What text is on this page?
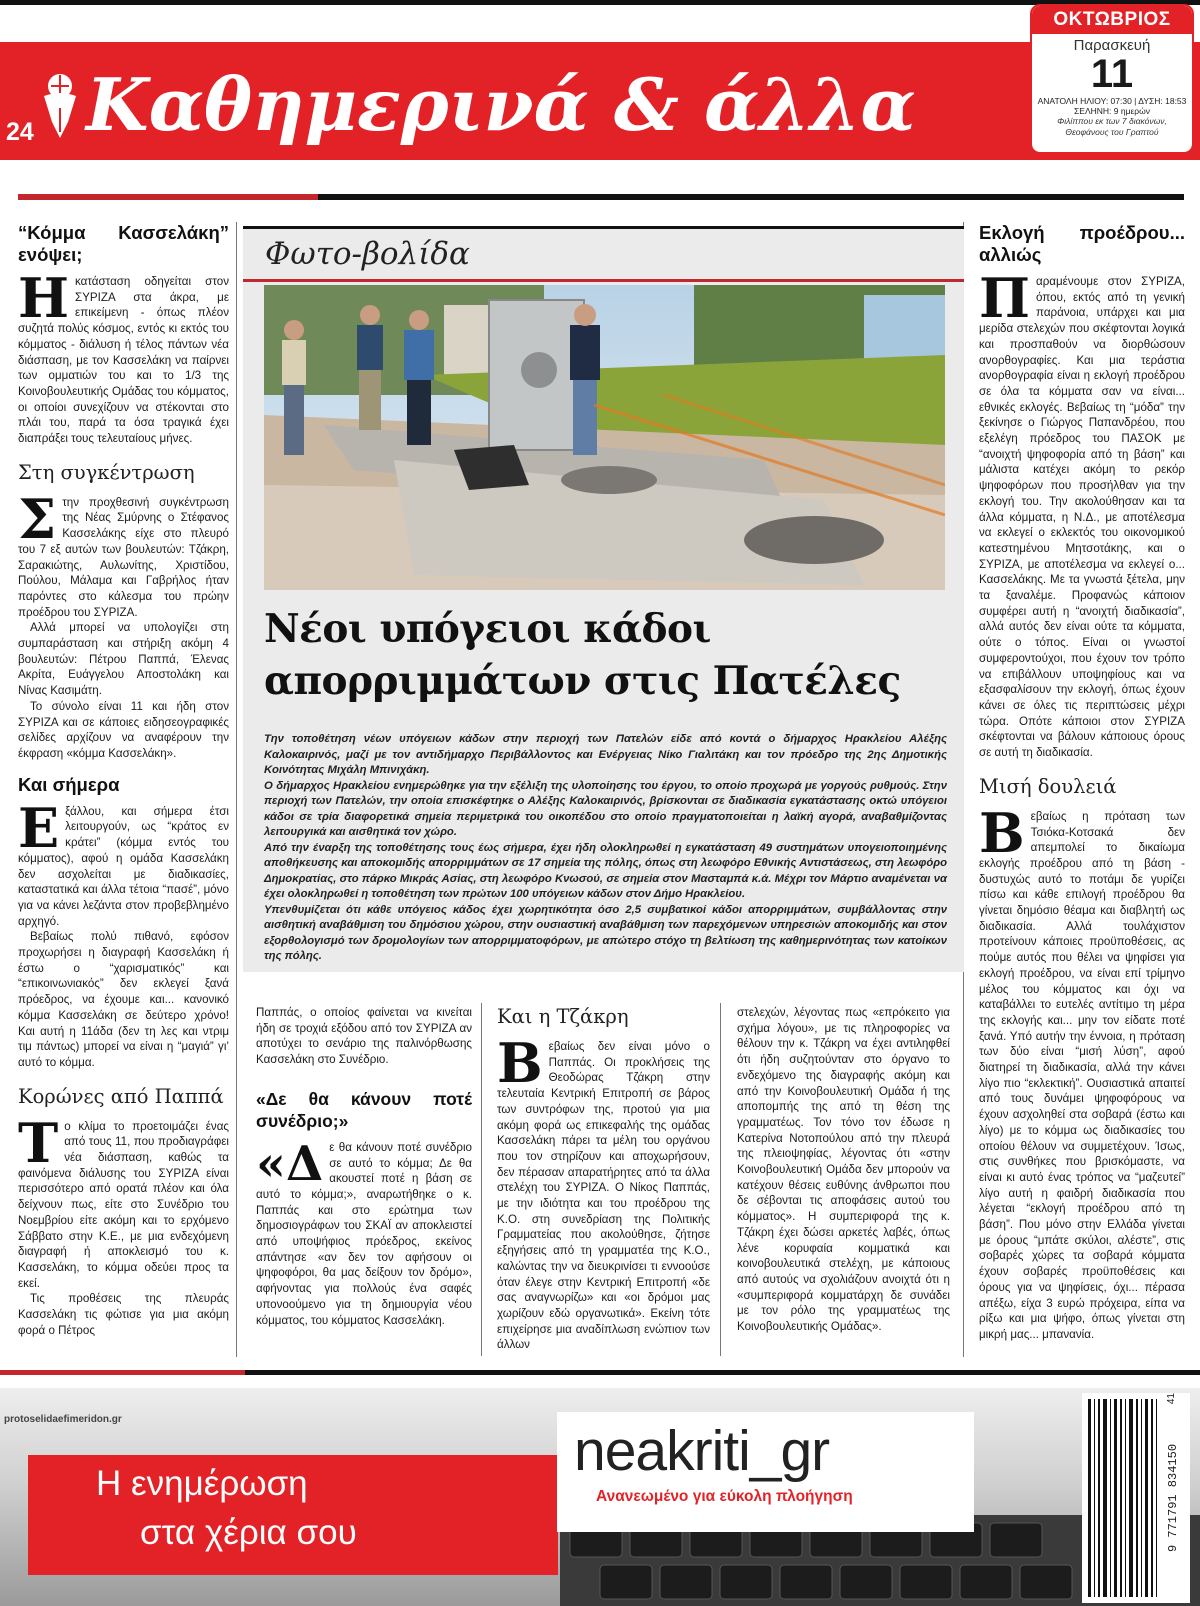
24 Καθημερινά & άλλα
ΟΚΤΩΒΡΙΟΣ
Παρασκευή
11
ΑΝΑΤΟΛΗ ΗΛΙΟΥ: 07:30 | ΔΥΣΗ: 18:53
ΣΕΛΗΝΗ: 9 ημερών
Φιλίππου εκ των 7 διακόνων, Θεοφάνους του Γραπτού
“Κόμμα Κασσελάκη” ενόψει;

Ηκατάσταση οδηγείται στον ΣΥΡΙΖΑ στα άκρα, με επικείμενη - όπως πλέον συζητά πολύς κόσμος, εντός κι εκτός του κόμματος - διάλυση ή τέλος πάντων νέα διάσπαση, με τον Κασσελάκη να παίρνει των ομματιών του και το 1/3 της Κοινοβουλευτικής Ομάδας του κόμματος, οι οποίοι συνεχίζουν να στέκονται στο πλάι του, παρά τα όσα τραγικά έχει διαπράξει τους τελευταίους μήνες.

Στη συγκέντρωση

Στην προχθεσινή συγκέντρωση της Νέας Σμύρνης ο Στέφανος Κασσελάκης είχε στο πλευρό του 7 εξ αυτών των βουλευτών: Τζάκρη, Σαρακιώτης, Αυλωνίτης, Χριστίδου, Πούλου, Μάλαμα και Γαβρήλος ήταν παρόντες στο κάλεσμα του πρώην προέδρου του ΣΥΡΙΖΑ.

Αλλά μπορεί να υπολογίζει στη συμπαράσταση και στήριξη ακόμη 4 βουλευτών: Πέτρου Παππά, Έλενας Ακρίτα, Ευάγγελου Αποστολάκη και Νίνας Κασιμάτη.

Το σύνολο είναι 11 και ήδη στον ΣΥΡΙΖΑ και σε κάποιες ειδησεογραφικές σελίδες αρχίζουν να αναφέρουν την έκφραση «κόμμα Κασσελάκη».

Και σήμερα

Εξάλλου, και σήμερα έτσι λειτουργούν, ως “κράτος εν κράτει” (κόμμα εντός του κόμματος), αφού η ομάδα Κασσελάκη δεν ασχολείται με διαδικασίες, καταστατικά και άλλα τέτοια “πασέ”, μόνο για να κάνει λεζάντα στον προβεβλημένο αρχηγό.

Βεβαίως πολύ πιθανό, εφόσον προχωρήσει η διαγραφή Κασσελάκη ή έστω ο “χαρισματικός” και “επικοινωνιακός” δεν εκλεγεί ξανά πρόεδρος, να έχουμε και... κανονικό κόμμα Κασσελάκη σε δεύτερο χρόνο! Και αυτή η 11άδα (δεν τη λες και ντριμ τιμ πάντως) μπορεί να είναι η “μαγιά” γι’ αυτό το κόμμα.

Κορώνες από Παππά

Το κλίμα το προετοιμάζει ένας από τους 11, που προδιαγράφει νέα διάσπαση, καθώς τα φαινόμενα διάλυσης του ΣΥΡΙΖΑ είναι περισσότερο από ορατά πλέον και όλα δείχνουν πως, είτε στο Συνέδριο του Νοεμβρίου είτε ακόμη και το ερχόμενο Σάββατο στην Κ.Ε., με μια ενδεχόμενη διαγραφή ή αποκλεισμό του κ. Κασσελάκη, το κόμμα οδεύει προς τα εκεί.

Τις προθέσεις της πλευράς Κασσελάκη τις φώτισε για μια ακόμη φορά ο Πέτρος

Φωτο-βολίδα
Νέοι υπόγειοι κάδοι απορριμμάτων στις Πατέλες

Την τοποθέτηση νέων υπόγειων κάδων στην περιοχή των Πατελών είδε από κοντά ο δήμαρχος Ηρακλείου Αλέξης Καλοκαιρινός, μαζί με τον αντιδήμαρχο Περιβάλλοντος και Ενέργειας Νίκο Γιαλιτάκη και τον πρόεδρο της 2ης Δημοτικής Κοινότητας Μιχάλη Μπινιχάκη.

Ο δήμαρχος Ηρακλείου ενημερώθηκε για την εξέλιξη της υλοποίησης του έργου, το οποίο προχωρά με γοργούς ρυθμούς. Στην περιοχή των Πατελών, την οποία επισκέφτηκε ο Αλέξης Καλοκαιρινός, βρίσκονται σε διαδικασία εγκατάστασης οκτώ υπόγειοι κάδοι σε τρία διαφορετικά σημεία περιμετρικά του οικοπέδου στο οποίο πραγματοποιείται η λαϊκή αγορά, αναβαθμίζοντας λειτουργικά και αισθητικά τον χώρο.

Από την έναρξη της τοποθέτησης τους έως σήμερα, έχει ήδη ολοκληρωθεί η εγκατάσταση 49 συστημάτων υπογειοποιημένης αποθήκευσης και αποκομιδής απορριμμάτων σε 17 σημεία της πόλης, όπως στη λεωφόρο Εθνικής Αντιστάσεως, στη λεωφόρο Δημοκρατίας, στο πάρκο Μικράς Ασίας, στη λεωφόρο Κνωσού, σε σημεία στον Μασταμπά κ.ά. Μέχρι τον Μάρτιο αναμένεται να έχει ολοκληρωθεί η τοποθέτηση των πρώτων 100 υπόγειων κάδων στον Δήμο Ηρακλείου.

Υπενθυμίζεται ότι κάθε υπόγειος κάδος έχει χωρητικότητα όσο 2,5 συμβατικοί κάδοι απορριμμάτων, συμβάλλοντας στην αισθητική αναβάθμιση του δημόσιου χώρου, στην ουσιαστική αναβάθμιση των παρεχόμενων υπηρεσιών αποκομιδής και στον εξορθολογισμό των δρομολογίων των απορριμματοφόρων, με απώτερο στόχο τη βελτίωση της καθημερινότητας των κατοίκων της πόλης.

Παππάς, ο οποίος φαίνεται να κινείται ήδη σε τροχιά εξόδου από τον ΣΥΡΙΖΑ αν αποτύχει το σενάριο της παλινόρθωσης Κασσελάκη στο Συνέδριο.

«Δε θα κάνουν ποτέ συνέδριο;»

«Δε θα κάνουν ποτέ συνέδριο σε αυτό το κόμμα; Δε θα ακουστεί ποτέ η βάση σε αυτό το κόμμα;», αναρωτήθηκε ο κ. Παππάς και στο ερώτημα των δημοσιογράφων του ΣΚΑΪ αν αποκλειστεί από υποψήφιος πρόεδρος, εκείνος απάντησε «αν δεν τον αφήσουν οι ψηφοφόροι, θα μας δείξουν τον δρόμο», αφήνοντας για πολλούς ένα σαφές υπονοούμενο για τη δημιουργία νέου κόμματος, του κόμματος Κασσελάκη.

Και η Τζάκρη

Βεβαίως δεν είναι μόνο ο Παππάς. Οι προκλήσεις της Θεοδώρας Τζάκρη στην τελευταία Κεντρική Επιτροπή σε βάρος των συντρόφων της, προτού για μια ακόμη φορά ως επικεφαλής της ομάδας Κασσελάκη πάρει τα μέλη του οργάνου που τον στηρίζουν και αποχωρήσουν, δεν πέρασαν απαρατήρητες από τα άλλα στελέχη του ΣΥΡΙΖΑ. Ο Νίκος Παππάς, με την ιδιότητα και του προέδρου της Κ.Ο. στη συνεδρίαση της Πολιτικής Γραμματείας που ακολούθησε, ζήτησε εξηγήσεις από τη γραμματέα της Κ.Ο., καλώντας την να διευκρινίσει τι εννοούσε όταν έλεγε στην Κεντρική Επιτροπή «δε σας αναγνωρίζω» και «οι δρόμοι μας χωρίζουν εδώ οργανωτικά». Εκείνη τότε επιχείρησε μια αναδίπλωση ενώπιον των άλλων

στελεχών, λέγοντας πως «επρόκειτο για σχήμα λόγου», με τις πληροφορίες να θέλουν την κ. Τζάκρη να έχει αντιληφθεί ότι ήδη συζητούνταν στο όργανο το ενδεχόμενο της διαγραφής ακόμη και από την Κοινοβουλευτική Ομάδα ή της αποπομπής της από τη θέση της γραμματέως. Τον τόνο τον έδωσε η Κατερίνα Νοτοπούλου από την πλευρά της πλειοψηφίας, λέγοντας ότι «στην Κοινοβουλευτική Ομάδα δεν μπορούν να κατέχουν θέσεις ευθύνης άνθρωποι που δε σέβονται τις αποφάσεις αυτού του κόμματος». Η συμπεριφορά της κ. Τζάκρη έχει δώσει αρκετές λαβές, όπως λένε κορυφαία κομματικά και κοινοβουλευτικά στελέχη, με κάποιους από αυτούς να σχολιάζουν ανοιχτά ότι η «συμπεριφορά κομματάρχη δε συνάδει με τον ρόλο της γραμματέως της Κοινοβουλευτικής Ομάδας».

Εκλογή προέδρου... αλλιώς

Παραμένουμε στον ΣΥΡΙΖΑ, όπου, εκτός από τη γενική παράνοια, υπάρχει και μια μερίδα στελεχών που σκέφτονται λογικά και προσπαθούν να διορθώσουν ανορθογραφίες. Και μια τεράστια ανορθογραφία είναι η εκλογή προέδρου σε όλα τα κόμματα σαν να είναι... εθνικές εκλογές. Βεβαίως τη “μόδα” την ξεκίνησε ο Γιώργος Παπανδρέου, που εξελέγη πρόεδρος του ΠΑΣΟΚ με “ανοιχτή ψηφοφορία από τη βάση” και μάλιστα κατέχει ακόμη το ρεκόρ ψηφοφόρων που προσήλθαν για την εκλογή του. Την ακολούθησαν και τα άλλα κόμματα, η Ν.Δ., με αποτέλεσμα να εκλεγεί ο εκλεκτός του οικονομικού κατεστημένου Μητσοτάκης, και ο ΣΥΡΙΖΑ, με αποτέλεσμα να εκλεγεί ο... Κασσελάκης. Με τα γνωστά ξέτελα, μην τα ξαναλέμε. Προφανώς κάποιον συμφέρει αυτή η “ανοιχτή διαδικασία”, αλλά αυτός δεν είναι ούτε τα κόμματα, ούτε ο τόπος. Είναι οι γνωστοί συμφεροντούχοι, που έχουν τον τρόπο να επιβάλλουν υποψηφίους και να εξασφαλίσουν την εκλογή, όπως έχουν κάνει σε όλες τις περιπτώσεις μέχρι τώρα. Οπότε κάποιοι στον ΣΥΡΙΖΑ σκέφτονται να βάλουν κάποιους όρους σε αυτή τη διαδικασία.

Μισή δουλειά

Βεβαίως η πρόταση των Τσιόκα-Κοτσακά δεν απεμπολεί το δικαίωμα εκλογής προέδρου από τη βάση - δυστυχώς αυτό το ποτάμι δε γυρίζει πίσω και κάθε επιλογή προέδρου θα γίνεται δημόσιο θέαμα και διαβλητή ως διαδικασία. Αλλά τουλάχιστον προτείνουν κάποιες προϋποθέσεις, ας πούμε αυτός που θέλει να ψηφίσει για εκλογή προέδρου, να είναι επί τρίμηνο μέλος του κόμματος και όχι να καταβάλλει το ευτελές αντίτιμο τη μέρα της εκλογής και... μην τον είδατε ποτέ ξανά. Υπό αυτήν την έννοια, η πρόταση των δύο είναι “μισή λύση”, αφού διατηρεί τη διαδικασία, αλλά την κάνει λίγο πιο “εκλεκτική”. Ουσιαστικά απαιτεί από τους δυνάμει ψηφοφόρους να έχουν ασχοληθεί στα σοβαρά (έστω και λίγο) με το κόμμα ως διαδικασίες του οποίου θέλουν να συμμετέχουν. Ίσως, στις συνθήκες που βρισκόμαστε, να είναι κι αυτό ένας τρόπος να “μαζευτεί” λίγο αυτή η φαιδρή διαδικασία που λέγεται “εκλογή προέδρου από τη βάση”. Που μόνο στην Ελλάδα γίνεται με όρους “μπάτε σκύλοι, αλέστε”, στις σοβαρές χώρες τα σοβαρά κόμματα έχουν σοβαρές προϋποθέσεις και όρους για να ψηφίσεις, όχι... πέρασα απέξω, είχα 3 ευρώ πρόχειρα, είπα να ρίξω και μια ψήφο, όπως γίνεται στη μικρή μας... μπανανία.

protoselidaefimeridon.gr
Η ενημέρωση
στα χέρια σου
neakriti_gr
Ανανεωμένο για εύκολη πλοήγηση	9 771791 834150
41
